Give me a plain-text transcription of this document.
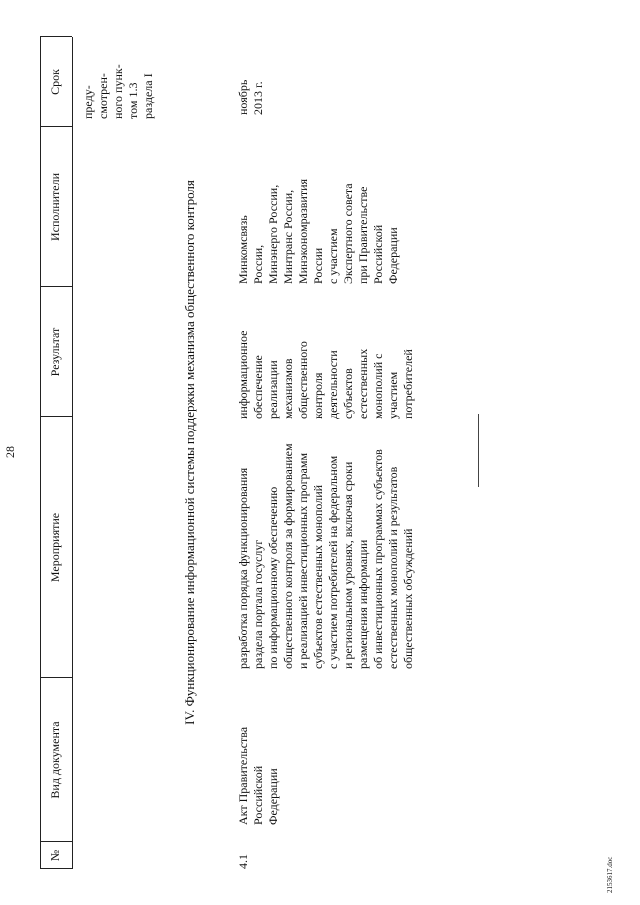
28
№
Вид документа
Мероприятие
Результат
Исполнители
Срок
преду-
смотрен-
ного пунк-
том 1.3
раздела I
IV. Функционирование информационной системы поддержки механизма общественного контроля
4.1
Акт Правительства
Российской
Федерации
разработка порядка функционирования
раздела портала госуслуг
по информационному обеспечению
общественного контроля за формированием
и реализацией инвестиционных программ
субъектов естественных монополий
с участием потребителей на федеральном
и региональном уровнях, включая сроки
размещения информации
об инвестиционных программах субъектов
естественных монополий и результатов
общественных обсуждений
информационное
обеспечение
реализации
механизмов
общественного
контроля
деятельности
субъектов
естественных
монополий с
участием
потребителей
Минкомсвязь
России,
Минэнерго России,
Минтранс России,
Минэкономразвития
России
с участием
Экспертного совета
при Правительстве
Российской
Федерации
ноябрь
2013 г.
2153617.doc
